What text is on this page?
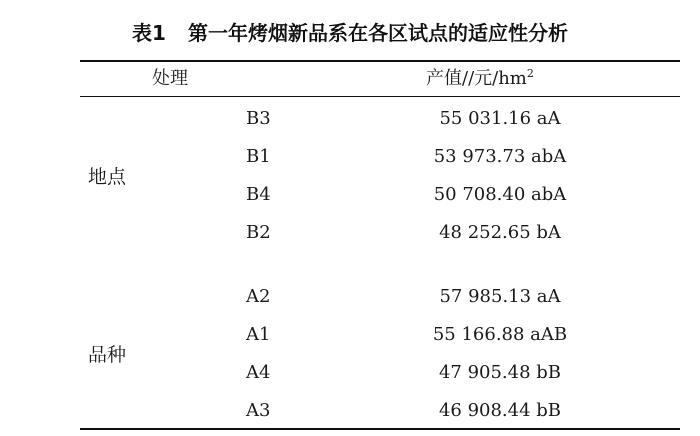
表1 第一年烤烟新品系在各区试点的适应性分析
处理	产值//元$/hm^2$
地点
B3	55 031.16 aA
B1	53 973.73 abA
B4	50 708.40 abA
B2	48 252.65 bA
品种
A2	57 985.13 aA
A1	55 166.88 aAB
A4	47 905.48 bB
A3	46 908.44 bB
